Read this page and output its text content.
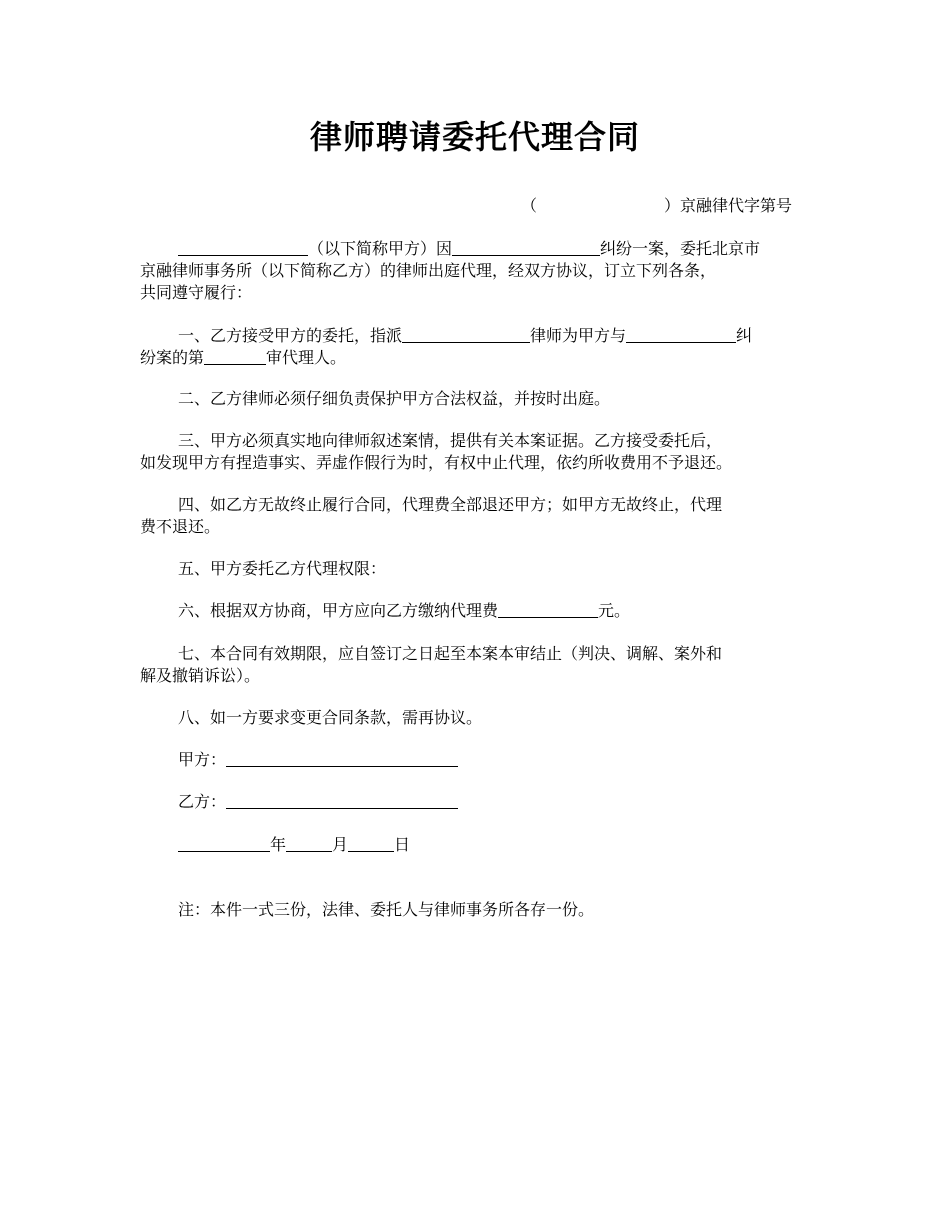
律师聘请委托代理合同
（	）京融律代字第号
（以下简称甲方）因	纠纷一案，委托北京市
京融律师事务所（以下简称乙方）的律师出庭代理，经双方协议，订立下列各条，
共同遵守履行：
一、乙方接受甲方的委托，指派	律师为甲方与	纠
纷案的第	审代理人。
二、乙方律师必须仔细负责保护甲方合法权益，并按时出庭。
三、甲方必须真实地向律师叙述案情，提供有关本案证据。乙方接受委托后，
如发现甲方有捏造事实、弄虚作假行为时，有权中止代理，依约所收费用不予退还。
四、如乙方无故终止履行合同，代理费全部退还甲方；如甲方无故终止，代理
费不退还。
五、甲方委托乙方代理权限：
六、根据双方协商，甲方应向乙方缴纳代理费	元。
七、本合同有效期限，应自签订之日起至本案本审结止（判决、调解、案外和
解及撤销诉讼）。
八、如一方要求变更合同条款，需再协议。
甲方：
乙方：
年	月	日
注：本件一式三份，法律、委托人与律师事务所各存一份。
